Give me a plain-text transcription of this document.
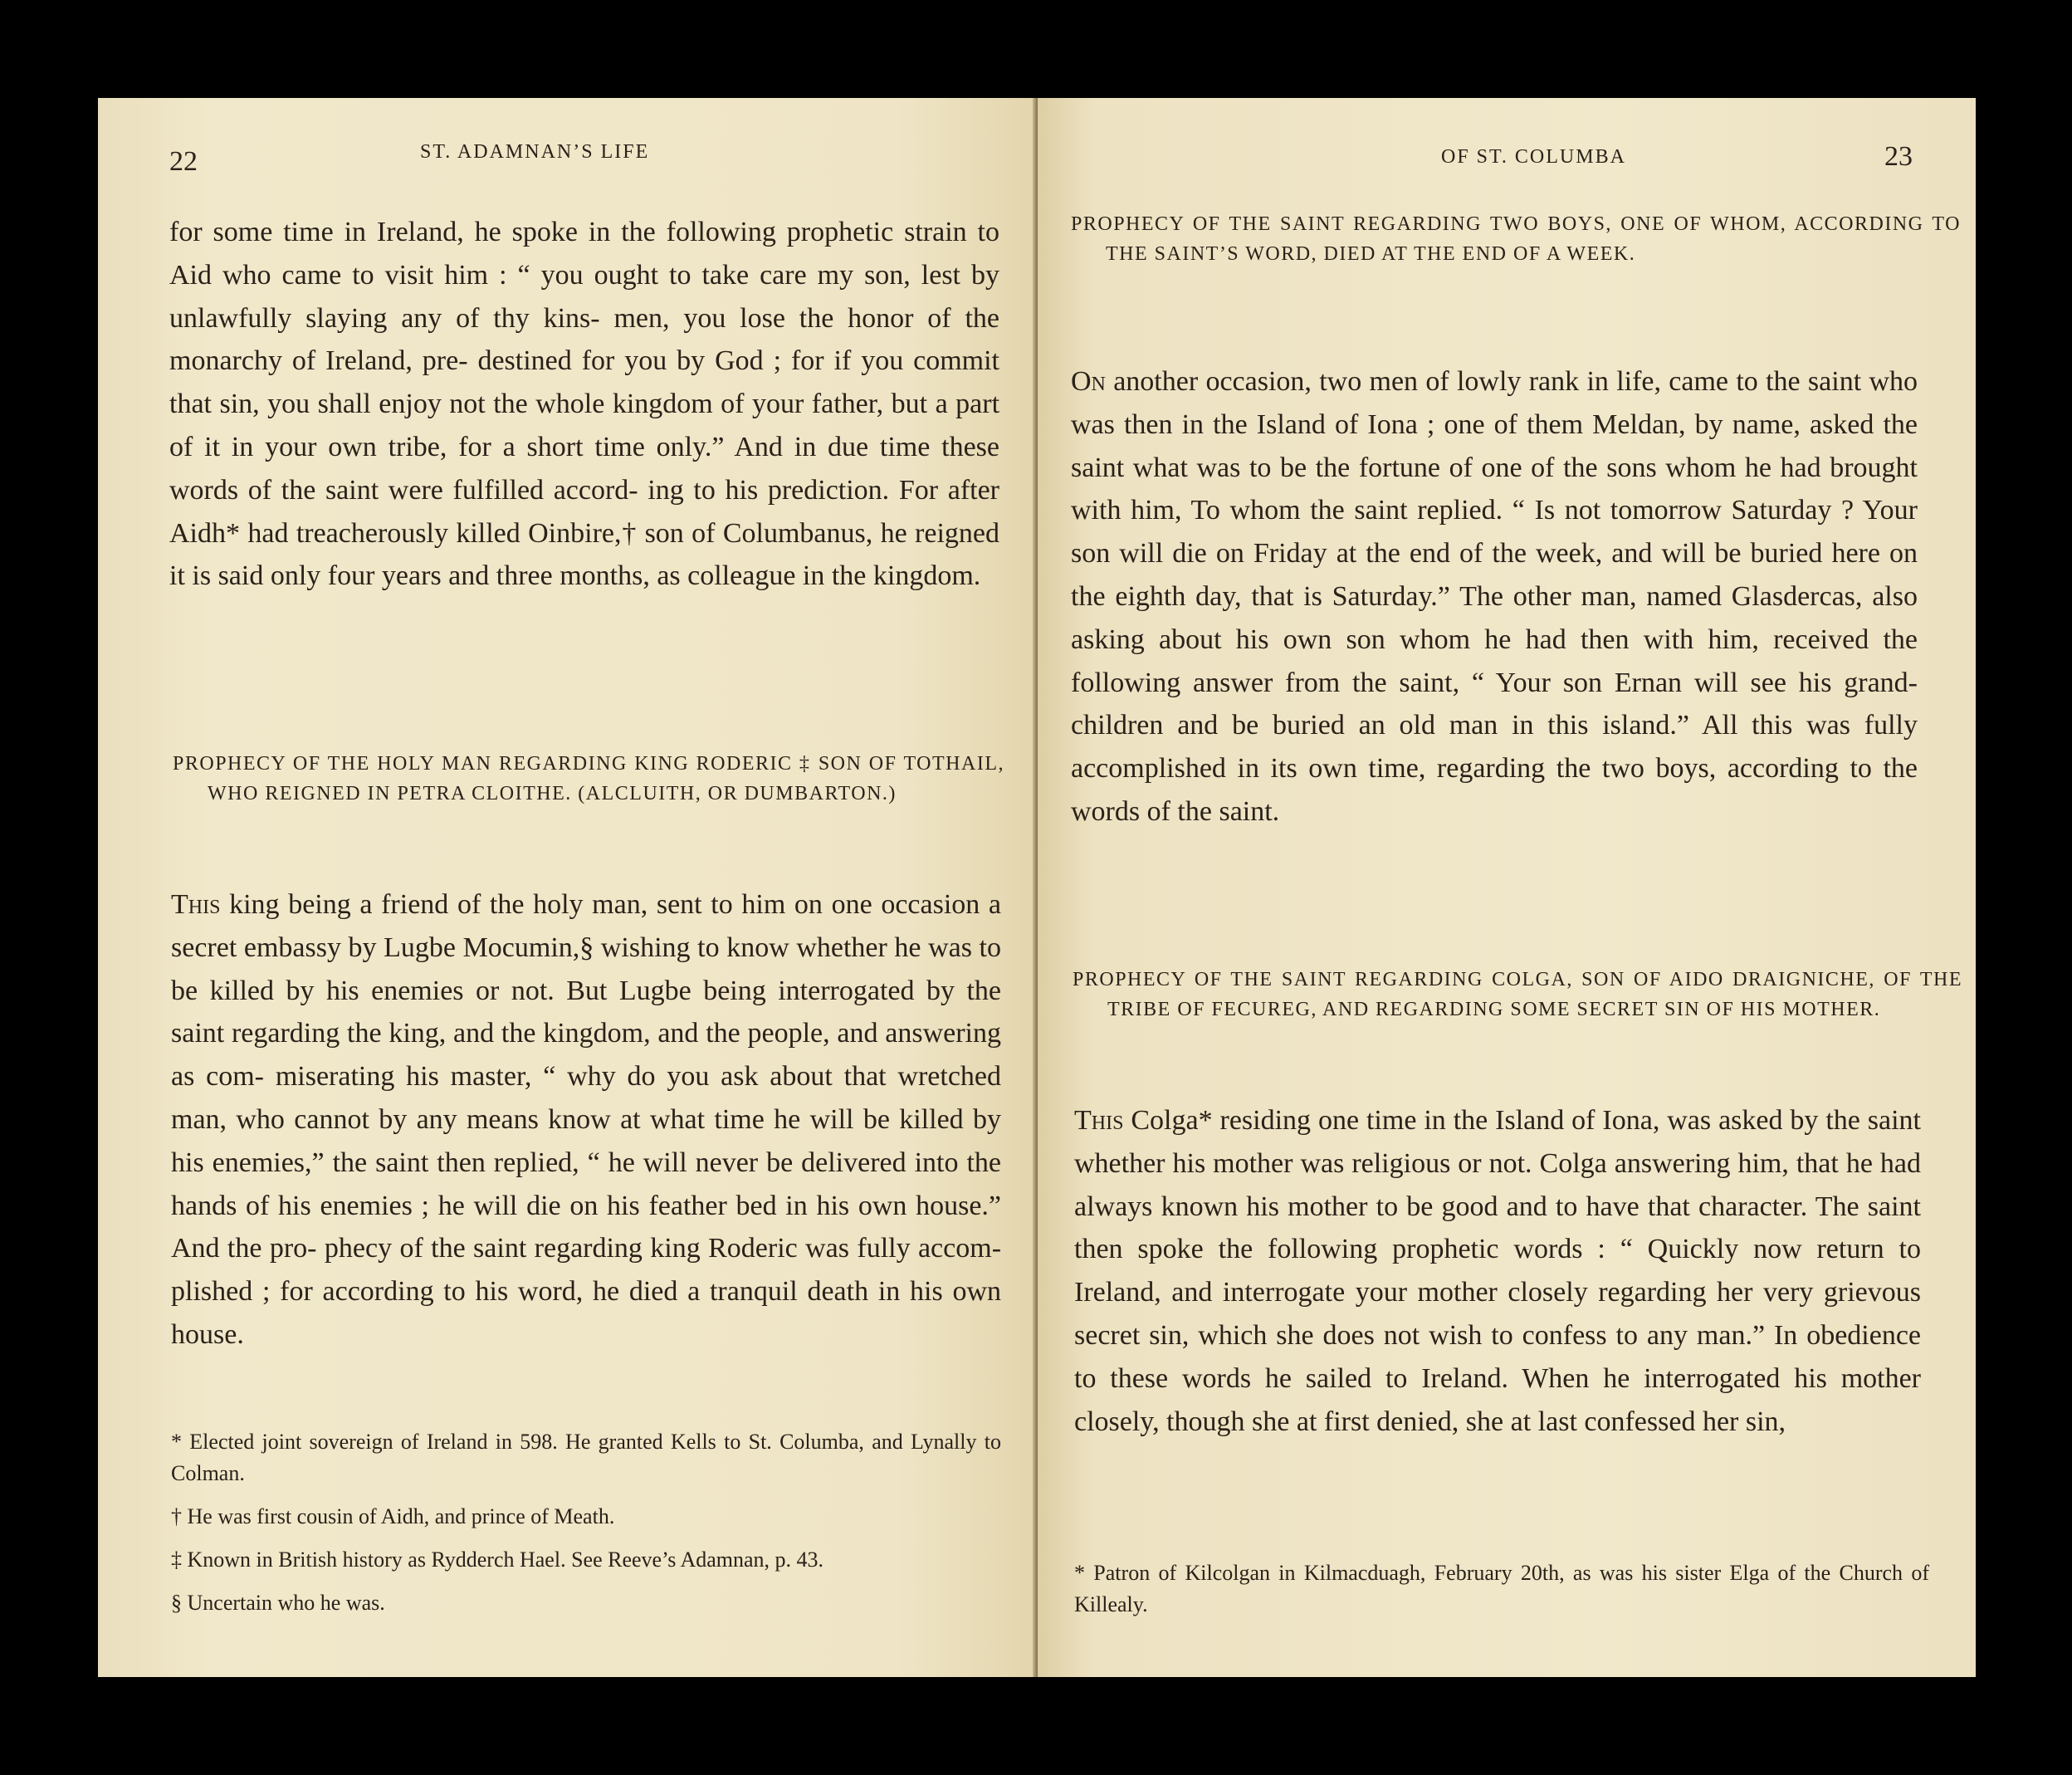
22	ST. ADAMNAN’S LIFE

for some time in Ireland, he spoke in the following prophetic strain to Aid who came to visit him : “ you ought to take care my son, lest by unlawfully slaying any of thy kins- men, you lose the honor of the monarchy of Ireland, pre- destined for you by God ; for if you commit that sin, you shall enjoy not the whole kingdom of your father, but a part of it in your own tribe, for a short time only.” And in due time these words of the saint were fulfilled accord- ing to his prediction. For after Aidh* had treacherously killed Oinbire,† son of Columbanus, he reigned it is said only four years and three months, as colleague in the kingdom.

PROPHECY OF THE HOLY MAN REGARDING KING RODERIC ‡ SON OF TOTHAIL, WHO REIGNED IN PETRA CLOITHE. (ALCLUITH, OR DUMBARTON.)

This king being a friend of the holy man, sent to him on one occasion a secret embassy by Lugbe Mocumin,§ wishing to know whether he was to be killed by his enemies or not. But Lugbe being interrogated by the saint regarding the king, and the kingdom, and the people, and answering as com- miserating his master, “ why do you ask about that wretched man, who cannot by any means know at what time he will be killed by his enemies,” the saint then replied, “ he will never be delivered into the hands of his enemies ; he will die on his feather bed in his own house.” And the pro- phecy of the saint regarding king Roderic was fully accom- plished ; for according to his word, he died a tranquil death in his own house.

* Elected joint sovereign of Ireland in 598. He granted Kells to St. Columba, and Lynally to Colman.

† He was first cousin of Aidh, and prince of Meath.

‡ Known in British history as Rydderch Hael. See Reeve’s Adamnan, p. 43.

§ Uncertain who he was.

OF ST. COLUMBA	23
PROPHECY OF THE SAINT REGARDING TWO BOYS, ONE OF WHOM, ACCORDING TO THE SAINT’S WORD, DIED AT THE END OF A WEEK.

On another occasion, two men of lowly rank in life, came to the saint who was then in the Island of Iona ; one of them Meldan, by name, asked the saint what was to be the fortune of one of the sons whom he had brought with him, To whom the saint replied. “ Is not tomorrow Saturday ? Your son will die on Friday at the end of the week, and will be buried here on the eighth day, that is Saturday.” The other man, named Glasdercas, also asking about his own son whom he had then with him, received the following answer from the saint, “ Your son Ernan will see his grand- children and be buried an old man in this island.” All this was fully accomplished in its own time, regarding the two boys, according to the words of the saint.

PROPHECY OF THE SAINT REGARDING COLGA, SON OF AIDO DRAIGNICHE, OF THE TRIBE OF FECUREG, AND REGARDING SOME SECRET SIN OF HIS MOTHER.

This Colga* residing one time in the Island of Iona, was asked by the saint whether his mother was religious or not. Colga answering him, that he had always known his mother to be good and to have that character. The saint then spoke the following prophetic words : “ Quickly now return to Ireland, and interrogate your mother closely regarding her very grievous secret sin, which she does not wish to confess to any man.” In obedience to these words he sailed to Ireland. When he interrogated his mother closely, though she at first denied, she at last confessed her sin,

* Patron of Kilcolgan in Kilmacduagh, February 20th, as was his sister Elga of the Church of Killealy.
